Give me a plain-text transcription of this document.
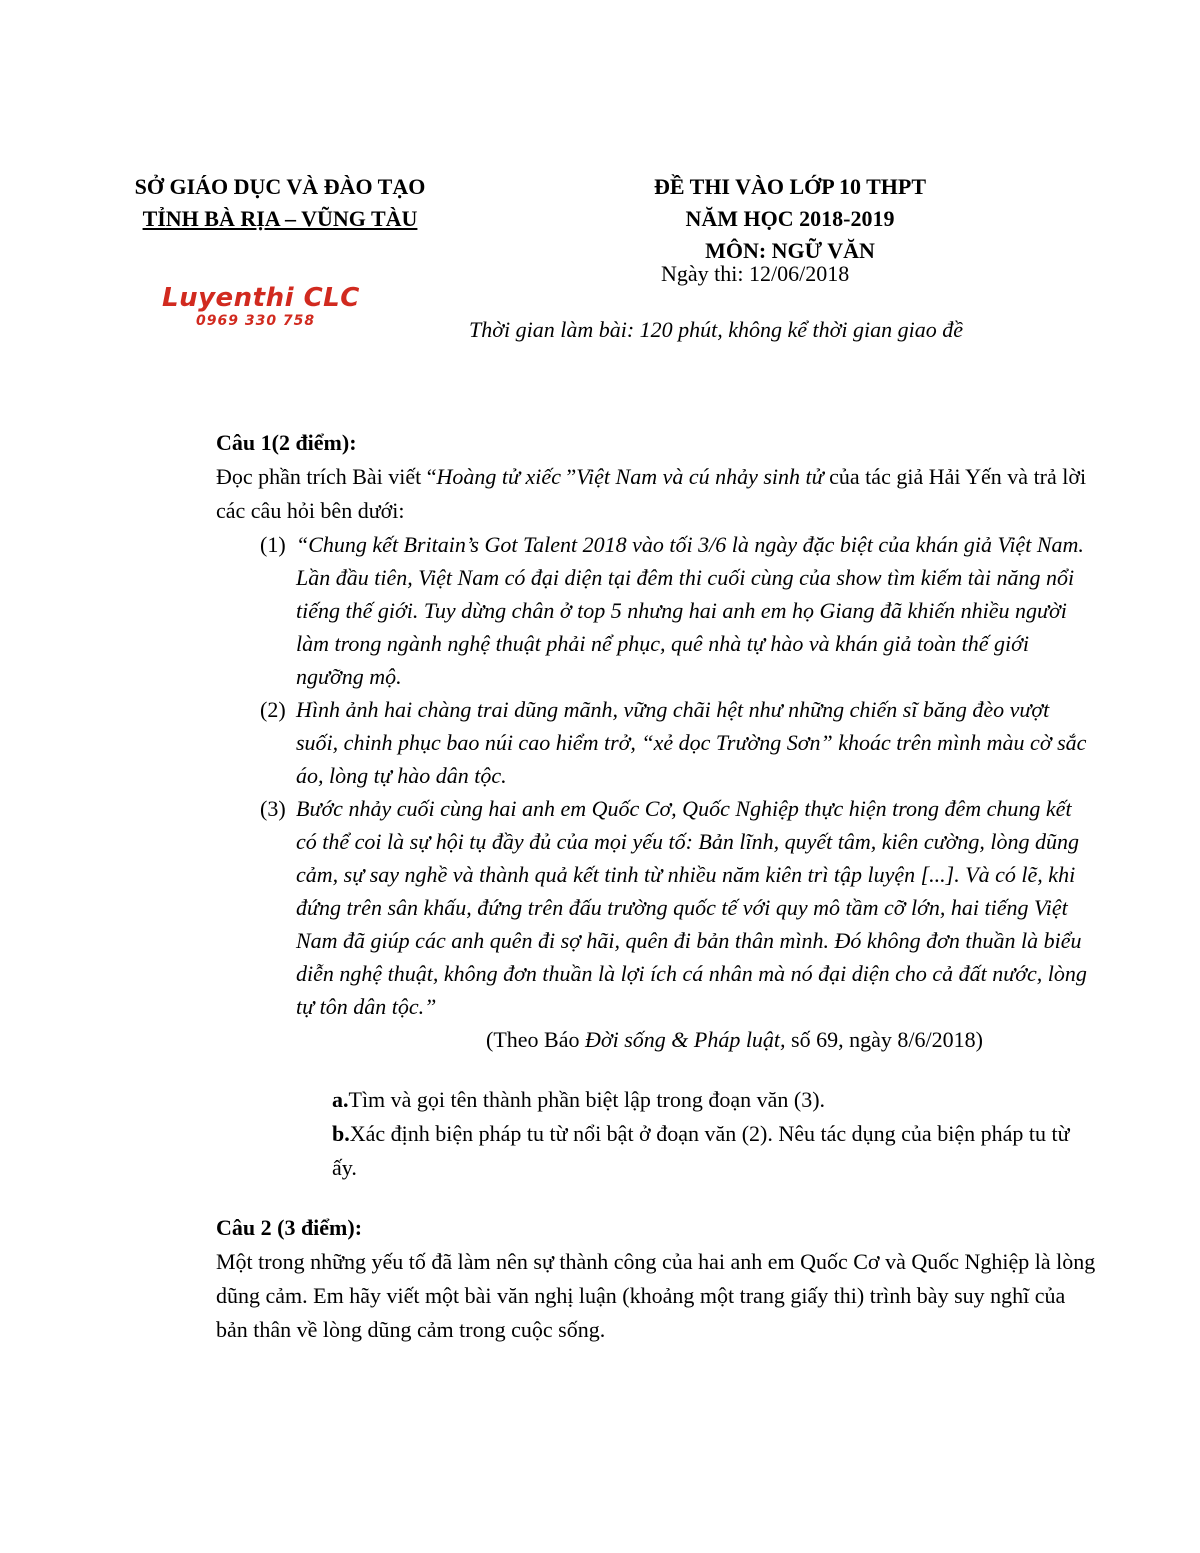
SỞ GIÁO DỤC VÀ ĐÀO TẠO
TỈNH BÀ RỊA – VŨNG TÀU
ĐỀ THI VÀO LỚP 10 THPT
NĂM HỌC 2018-2019
MÔN: NGỮ VĂN
Ngày thi: 12/06/2018
Luyenthi CLC
0969 330 758	Thời gian làm bài: 120 phút, không kể thời gian giao đề
Câu 1(2 điểm):

Đọc phần trích Bài viết “Hoàng tử xiếc ”Việt Nam và cú nhảy sinh tử của tác giả Hải Yến và trả lời các câu hỏi bên dưới:

(1) “Chung kết Britain’s Got Talent 2018 vào tối 3/6 là ngày đặc biệt của khán giả Việt Nam. Lần đầu tiên, Việt Nam có đại diện tại đêm thi cuối cùng của show tìm kiếm tài năng nổi tiếng thế giới. Tuy dừng chân ở top 5 nhưng hai anh em họ Giang đã khiến nhiều người làm trong ngành nghệ thuật phải nể phục, quê nhà tự hào và khán giả toàn thế giới ngưỡng mộ.
(2) Hình ảnh hai chàng trai dũng mãnh, vững chãi hệt như những chiến sĩ băng đèo vượt suối, chinh phục bao núi cao hiểm trở, “xẻ dọc Trường Sơn” khoác trên mình màu cờ sắc áo, lòng tự hào dân tộc.
(3) Bước nhảy cuối cùng hai anh em Quốc Cơ, Quốc Nghiệp thực hiện trong đêm chung kết có thể coi là sự hội tụ đầy đủ của mọi yếu tố: Bản lĩnh, quyết tâm, kiên cường, lòng dũng cảm, sự say nghề và thành quả kết tinh từ nhiều năm kiên trì tập luyện [...]. Và có lẽ, khi đứng trên sân khấu, đứng trên đấu trường quốc tế với quy mô tầm cỡ lớn, hai tiếng Việt Nam đã giúp các anh quên đi sợ hãi, quên đi bản thân mình. Đó không đơn thuần là biểu diễn nghệ thuật, không đơn thuần là lợi ích cá nhân mà nó đại diện cho cả đất nước, lòng tự tôn dân tộc.”
(Theo Báo Đời sống & Pháp luật, số 69, ngày 8/6/2018)
a.Tìm và gọi tên thành phần biệt lập trong đoạn văn (3).
b.Xác định biện pháp tu từ nổi bật ở đoạn văn (2). Nêu tác dụng của biện pháp tu từ ấy.
Câu 2 (3 điểm):

Một trong những yếu tố đã làm nên sự thành công của hai anh em Quốc Cơ và Quốc Nghiệp là lòng dũng cảm. Em hãy viết một bài văn nghị luận (khoảng một trang giấy thi) trình bày suy nghĩ của bản thân về lòng dũng cảm trong cuộc sống.
